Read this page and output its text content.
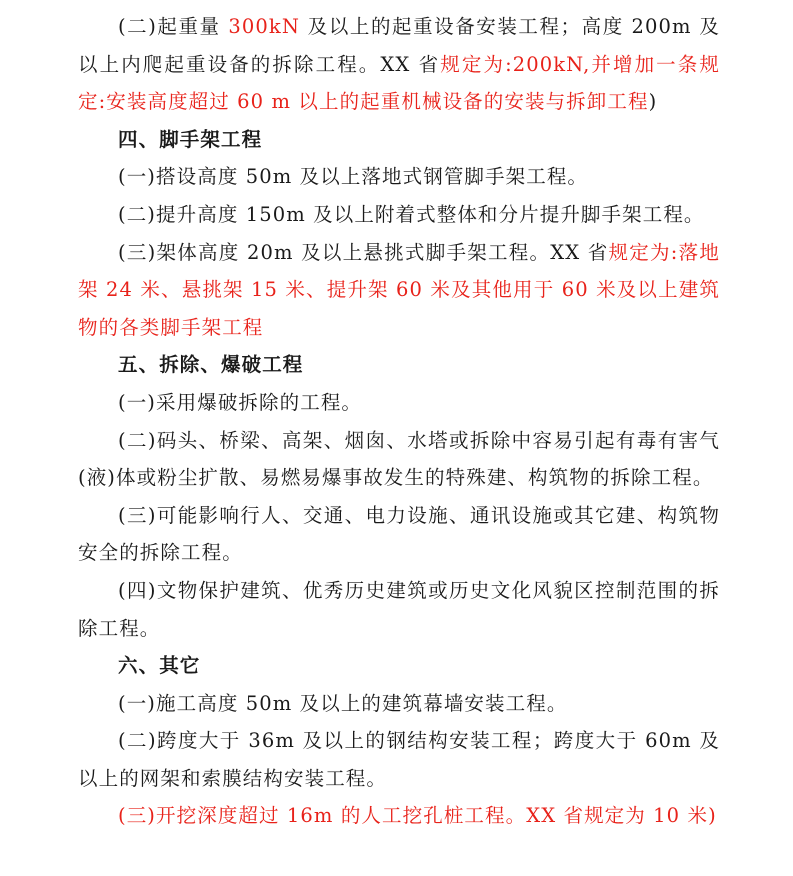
(二)起重量 300kN 及以上的起重设备安装工程；高度 200m 及以上内爬起重设备的拆除工程。XX 省规定为:200kN,并增加一条规定:安装高度超过 60 m 以上的起重机械设备的安装与拆卸工程)

四、脚手架工程

(一)搭设高度 50m 及以上落地式钢管脚手架工程。

(二)提升高度 150m 及以上附着式整体和分片提升脚手架工程。

(三)架体高度 20m 及以上悬挑式脚手架工程。XX 省规定为:落地架 24 米、悬挑架 15 米、提升架 60 米及其他用于 60 米及以上建筑物的各类脚手架工程

五、拆除、爆破工程

(一)采用爆破拆除的工程。

(二)码头、桥梁、高架、烟囱、水塔或拆除中容易引起有毒有害气(液)体或粉尘扩散、易燃易爆事故发生的特殊建、构筑物的拆除工程。

(三)可能影响行人、交通、电力设施、通讯设施或其它建、构筑物安全的拆除工程。

(四)文物保护建筑、优秀历史建筑或历史文化风貌区控制范围的拆除工程。

六、其它

(一)施工高度 50m 及以上的建筑幕墙安装工程。

(二)跨度大于 36m 及以上的钢结构安装工程；跨度大于 60m 及以上的网架和索膜结构安装工程。

(三)开挖深度超过 16m 的人工挖孔桩工程。XX 省规定为 10 米)
